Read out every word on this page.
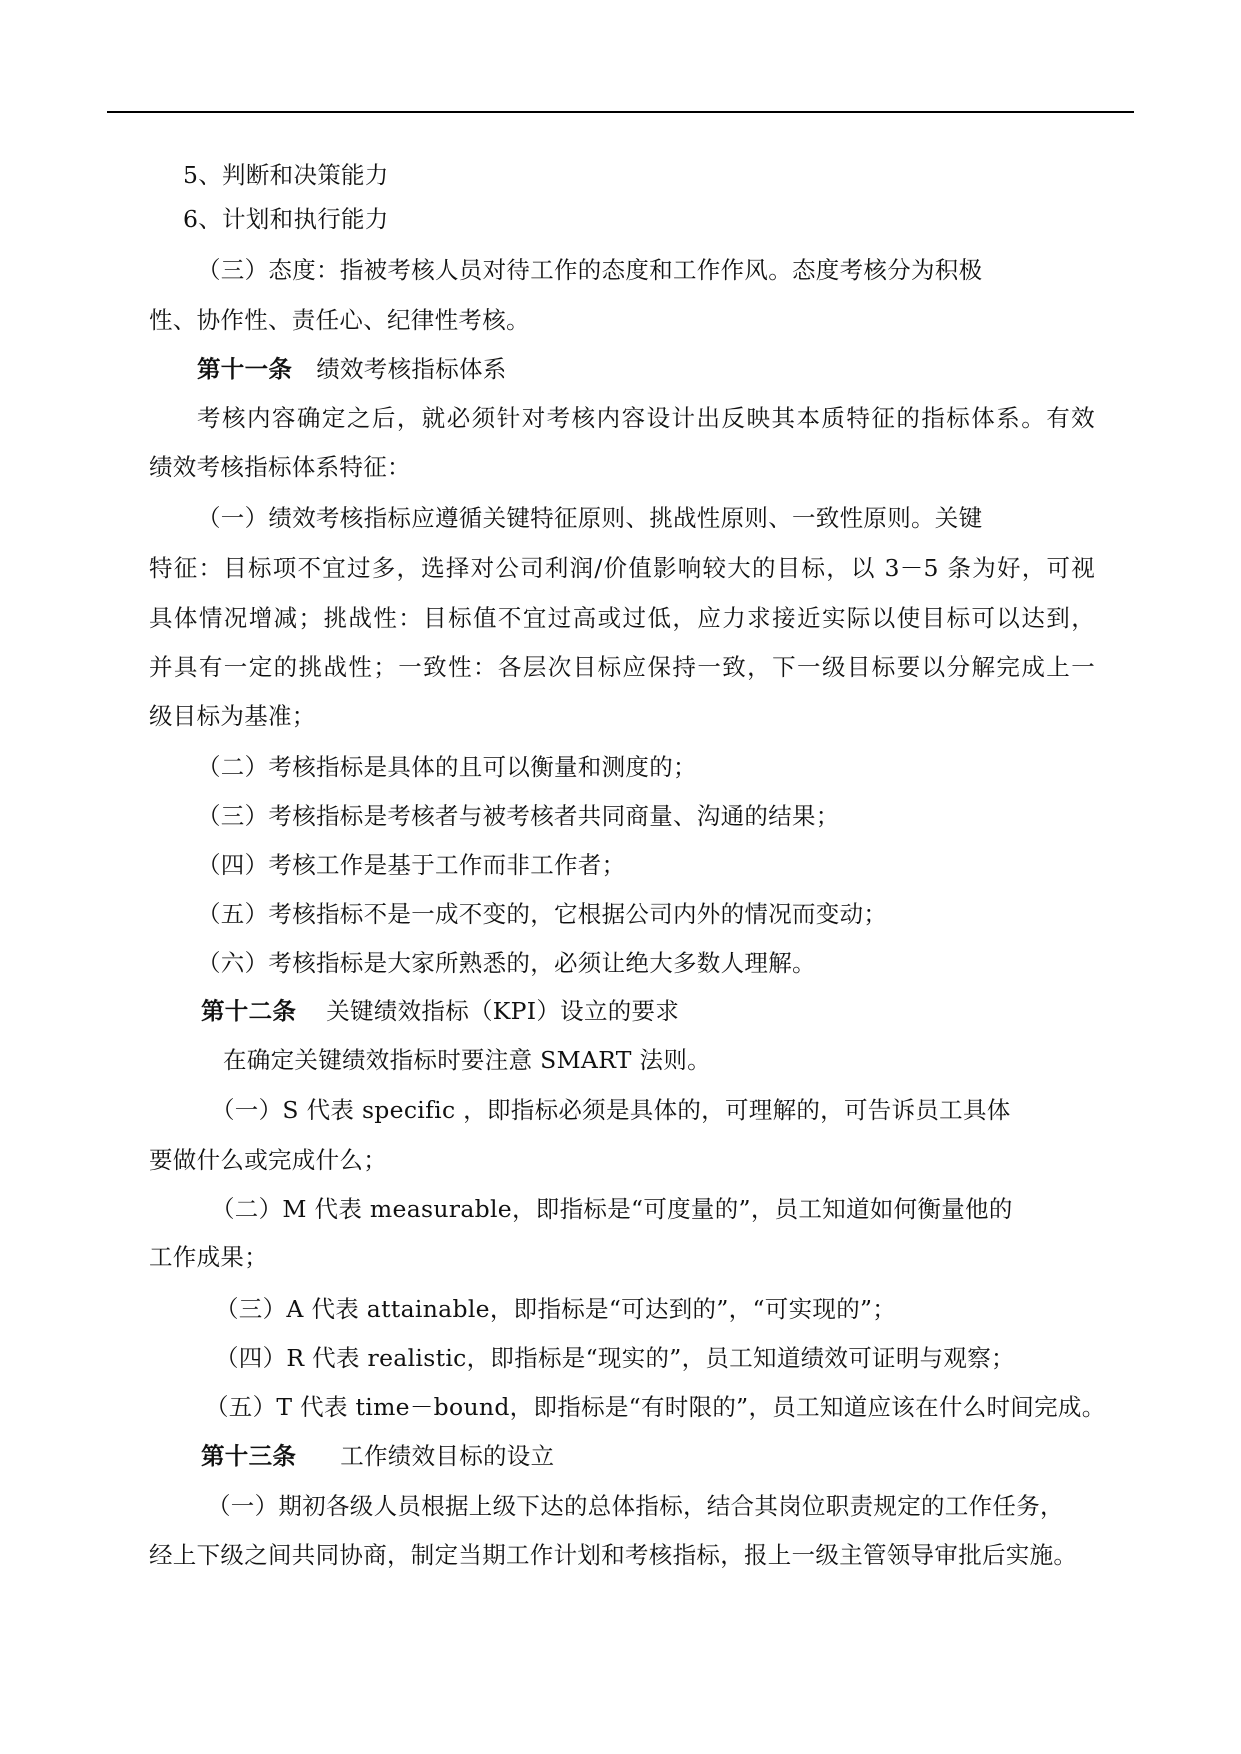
5、判断和决策能力
6、计划和执行能力
（三）态度：指被考核人员对待工作的态度和工作作风。态度考核分为积极
性、协作性、责任心、纪律性考核。
第十一条 绩效考核指标体系
考核内容确定之后，就必须针对考核内容设计出反映其本质特征的指标体系。有效
绩效考核指标体系特征：
（一）绩效考核指标应遵循关键特征原则、挑战性原则、一致性原则。关键
特征：目标项不宜过多，选择对公司利润/价值影响较大的目标，以 3－5 条为好，可视
具体情况增减；挑战性：目标值不宜过高或过低，应力求接近实际以使目标可以达到，
并具有一定的挑战性；一致性：各层次目标应保持一致，下一级目标要以分解完成上一
级目标为基准；
（二）考核指标是具体的且可以衡量和测度的；
（三）考核指标是考核者与被考核者共同商量、沟通的结果；
（四）考核工作是基于工作而非工作者；
（五）考核指标不是一成不变的，它根据公司内外的情况而变动；
（六）考核指标是大家所熟悉的，必须让绝大多数人理解。
第十二条 关键绩效指标（KPI）设立的要求
在确定关键绩效指标时要注意 SMART 法则。
（一）S 代表 specific ，即指标必须是具体的，可理解的，可告诉员工具体
要做什么或完成什么；
（二）M 代表 measurable，即指标是“可度量的”，员工知道如何衡量他的
工作成果；
（三）A 代表 attainable，即指标是“可达到的”，“可实现的”；
（四）R 代表 realistic，即指标是“现实的”，员工知道绩效可证明与观察；
（五）T 代表 time－bound，即指标是“有时限的”，员工知道应该在什么时间完成。
第十三条 工作绩效目标的设立
（一）期初各级人员根据上级下达的总体指标，结合其岗位职责规定的工作任务，
经上下级之间共同协商，制定当期工作计划和考核指标，报上一级主管领导审批后实施。
